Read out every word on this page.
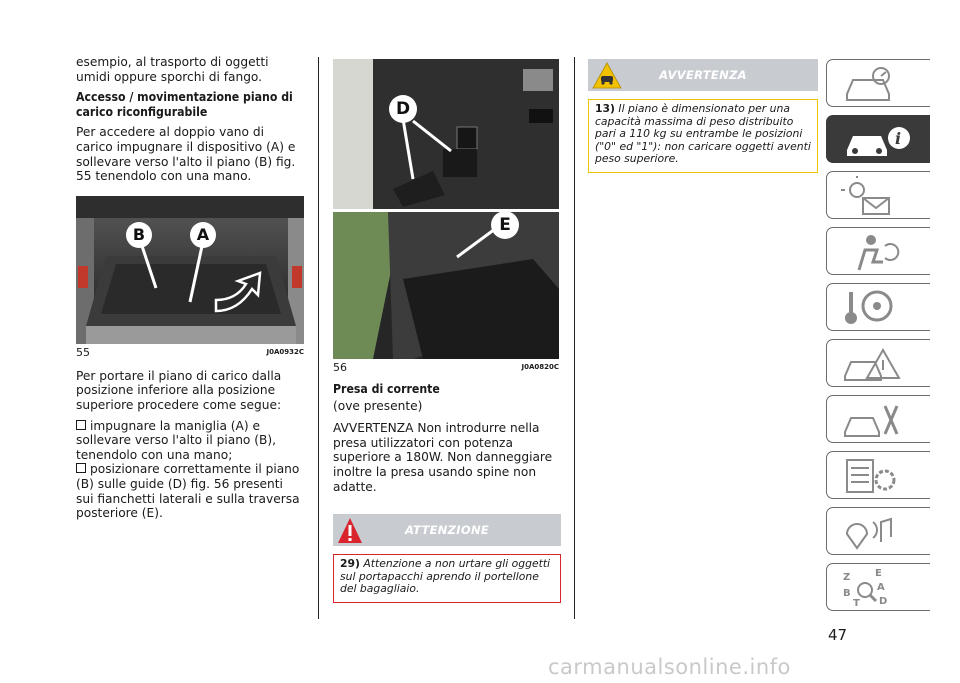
esempio, al trasporto di oggetti umidi oppure sporchi di fango.

Accesso / movimentazione piano di carico riconfigurabile

Per accedere al doppio vano di carico impugnare il dispositivo (A) e sollevare verso l'alto il piano (B) fig. 55 tenendolo con una mano.

B	A
55	J0A0932C

Per portare il piano di carico dalla posizione inferiore alla posizione superiore procedere come segue:

impugnare la maniglia (A) e sollevare verso l'alto il piano (B), tenendolo con una mano;

posizionare correttamente il piano (B) sulle guide (D) fig. 56 presenti sui fianchetti laterali e sulla traversa posteriore (E).

D
E
56	J0A0820C

Presa di corrente

(ove presente)

AVVERTENZA Non introdurre nella presa utilizzatori con potenza superiore a 180W. Non danneggiare inoltre la presa usando spine non adatte.

ATTENZIONE
29) Attenzione a non urtare gli oggetti sul portapacchi aprendo il portellone del bagagliaio.
AVVERTENZA
13) Il piano è dimensionato per una capacità massima di peso distribuito pari a 110 kg su entrambe le posizioni ("0" ed "1"): non caricare oggetti aventi peso superiore.
i
Z E
B
A
T D
47
carmanualsonline.info
